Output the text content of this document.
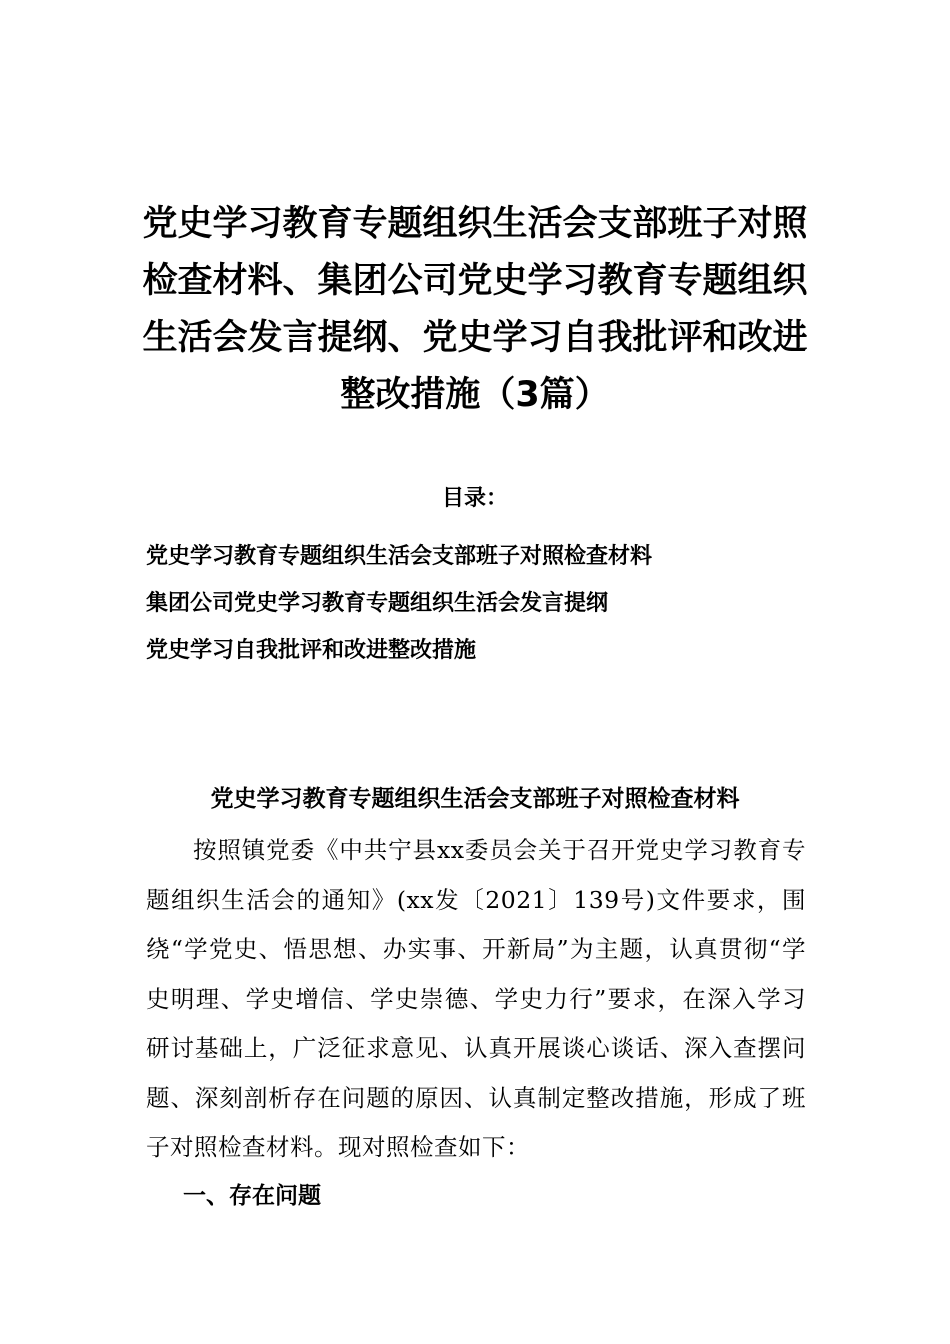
党史学习教育专题组织生活会支部班子对照检查材料、集团公司党史学习教育专题组织生活会发言提纲、党史学习自我批评和改进整改措施（3篇）
目录：
党史学习教育专题组织生活会支部班子对照检查材料
集团公司党史学习教育专题组织生活会发言提纲
党史学习自我批评和改进整改措施
党史学习教育专题组织生活会支部班子对照检查材料

按照镇党委《中共宁县xx委员会关于召开党史学习教育专题组织生活会的通知》(xx发〔2021〕139号)文件要求，围绕“学党史、悟思想、办实事、开新局”为主题，认真贯彻“学史明理、学史增信、学史崇德、学史力行”要求，在深入学习研讨基础上，广泛征求意见、认真开展谈心谈话、深入查摆问题、深刻剖析存在问题的原因、认真制定整改措施，形成了班子对照检查材料。现对照检查如下：

一、存在问题
